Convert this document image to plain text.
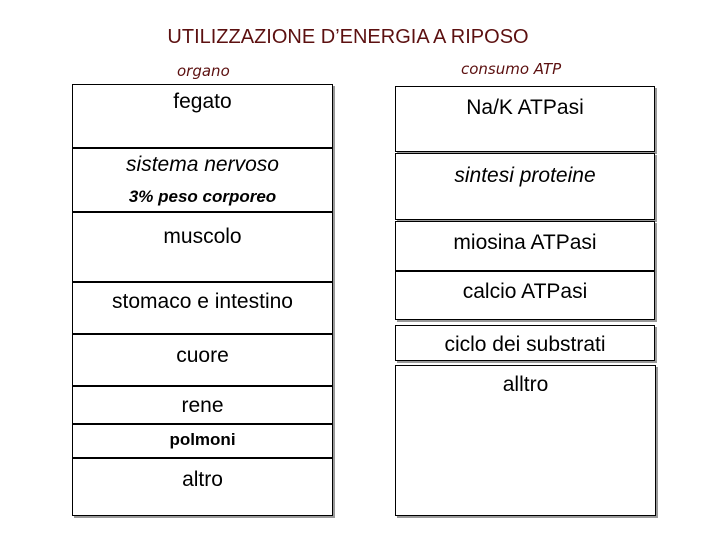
UTILIZZAZIONE D’ENERGIA A RIPOSO
organo	consumo ATP
fegato
sistema nervoso
3% peso corporeo
muscolo
stomaco e intestino
cuore
rene
polmoni
altro
Na/K ATPasi
sintesi proteine
miosina ATPasi
calcio ATPasi
ciclo dei substrati
alltro
